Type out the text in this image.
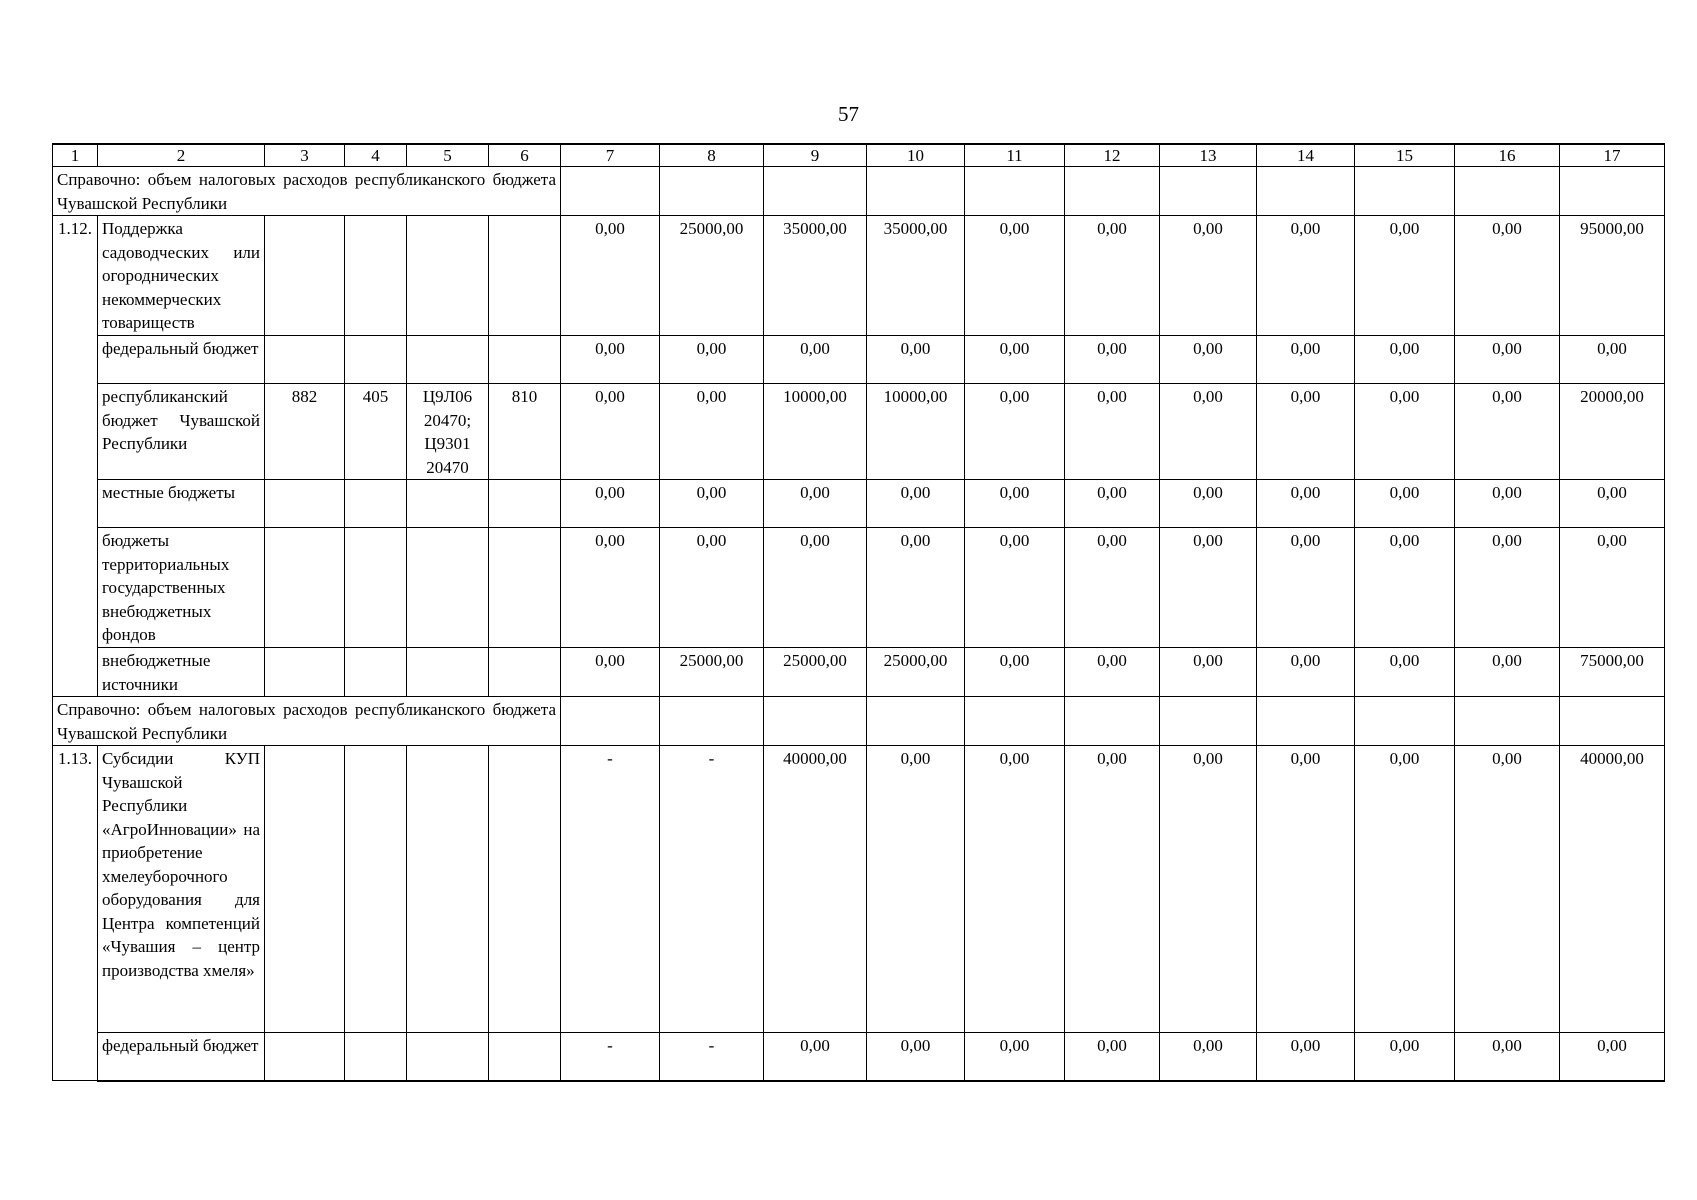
57
1	2	3	4	5	6	7	8	9	10	11	12	13	14	15	16	17
Справочно: объем налоговых расходов республиканского бюджета Чувашской Республики																
1.12.	Поддержка садоводческих или огороднических некоммерческих товариществ					0,00	25000,00	35000,00	35000,00	0,00	0,00	0,00	0,00	0,00	0,00	95000,00
	федеральный бюджет					0,00	0,00	0,00	0,00	0,00	0,00	0,00	0,00	0,00	0,00	0,00
	республиканский бюджет Чувашской Республики	882	405	Ц9Л06 20470; Ц9301 20470	810	0,00	0,00	10000,00	10000,00	0,00	0,00	0,00	0,00	0,00	0,00	20000,00
	местные бюджеты					0,00	0,00	0,00	0,00	0,00	0,00	0,00	0,00	0,00	0,00	0,00
	бюджеты территориальных государственных внебюджетных фондов					0,00	0,00	0,00	0,00	0,00	0,00	0,00	0,00	0,00	0,00	0,00
	внебюджетные источники					0,00	25000,00	25000,00	25000,00	0,00	0,00	0,00	0,00	0,00	0,00	75000,00
Справочно: объем налоговых расходов республиканского бюджета Чувашской Республики																
1.13.	Субсидии КУП Чувашской Республики «АгроИнновации» на приобретение хмелеуборочного оборудования для Центра компетенций «Чувашия – центр производства хмеля»					-	-	40000,00	0,00	0,00	0,00	0,00	0,00	0,00	0,00	40000,00
	федеральный бюджет					-	-	0,00	0,00	0,00	0,00	0,00	0,00	0,00	0,00	0,00
